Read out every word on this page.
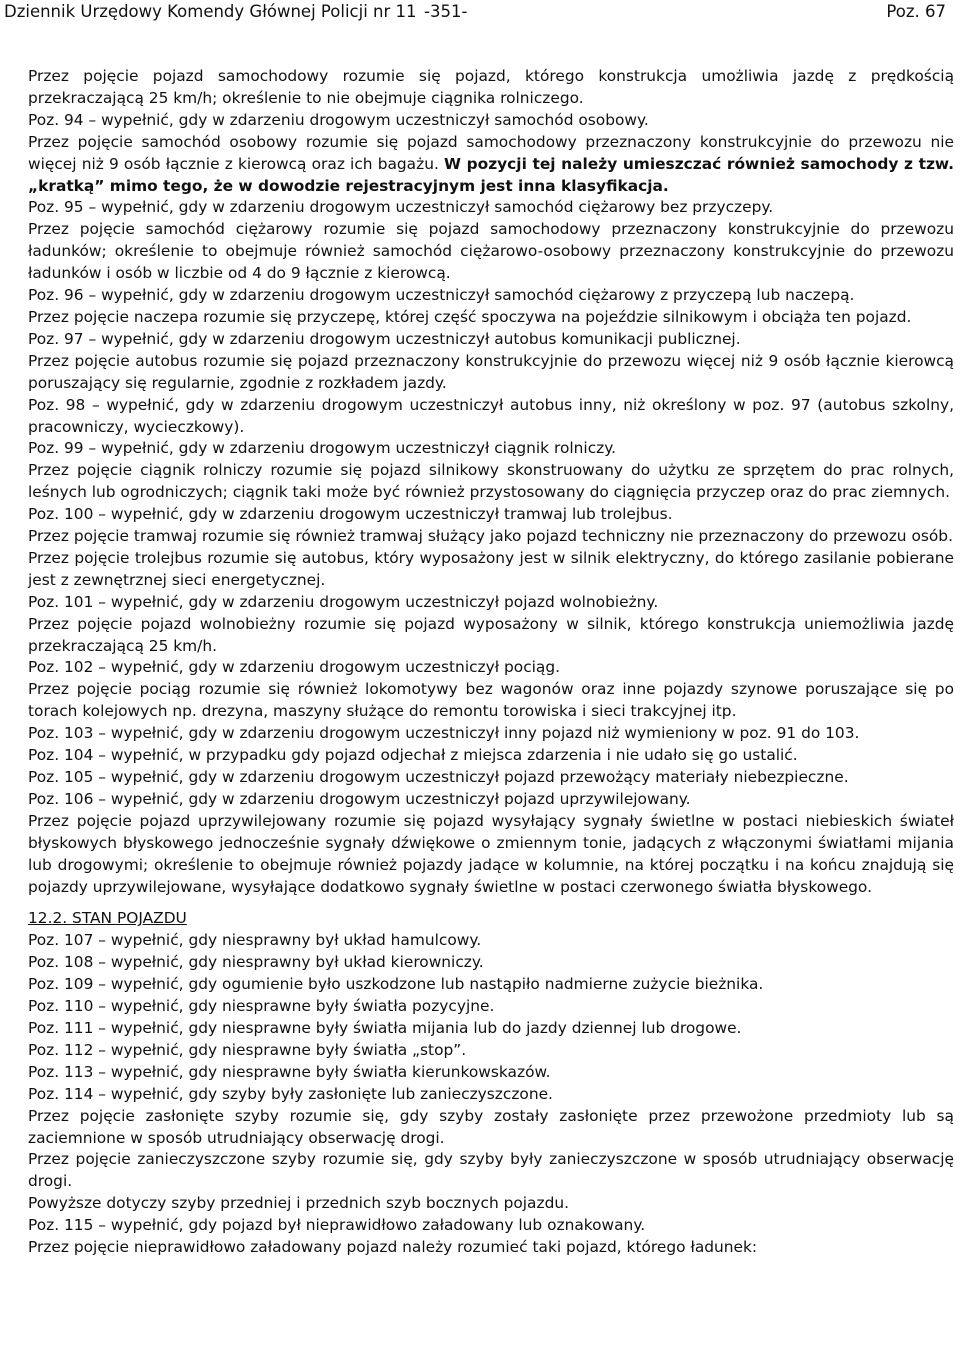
Dziennik Urzędowy Komendy Głównej Policji nr 11 -351-	Poz. 67

Przez pojęcie pojazd samochodowy rozumie się pojazd, którego konstrukcja umożliwia jazdę z prędkością przekraczającą 25 km/h; określenie to nie obejmuje ciągnika rolniczego.

Poz. 94 – wypełnić, gdy w zdarzeniu drogowym uczestniczył samochód osobowy.

Przez pojęcie samochód osobowy rozumie się pojazd samochodowy przeznaczony konstrukcyjnie do przewozu nie więcej niż 9 osób łącznie z kierowcą oraz ich bagażu. W pozycji tej należy umieszczać również samochody z tzw. „kratką” mimo tego, że w dowodzie rejestracyjnym jest inna klasyfikacja.

Poz. 95 – wypełnić, gdy w zdarzeniu drogowym uczestniczył samochód ciężarowy bez przyczepy.

Przez pojęcie samochód ciężarowy rozumie się pojazd samochodowy przeznaczony konstrukcyjnie do przewozu ładunków; określenie to obejmuje również samochód ciężarowo-osobowy przeznaczony konstrukcyjnie do przewozu ładunków i osób w liczbie od 4 do 9 łącznie z kierowcą.

Poz. 96 – wypełnić, gdy w zdarzeniu drogowym uczestniczył samochód ciężarowy z przyczepą lub naczepą.

Przez pojęcie naczepa rozumie się przyczepę, której część spoczywa na pojeździe silnikowym i obciąża ten pojazd.

Poz. 97 – wypełnić, gdy w zdarzeniu drogowym uczestniczył autobus komunikacji publicznej.

Przez pojęcie autobus rozumie się pojazd przeznaczony konstrukcyjnie do przewozu więcej niż 9 osób łącznie kierowcą poruszający się regularnie, zgodnie z rozkładem jazdy.

Poz. 98 – wypełnić, gdy w zdarzeniu drogowym uczestniczył autobus inny, niż określony w poz. 97 (autobus szkolny, pracowniczy, wycieczkowy).

Poz. 99 – wypełnić, gdy w zdarzeniu drogowym uczestniczył ciągnik rolniczy.

Przez pojęcie ciągnik rolniczy rozumie się pojazd silnikowy skonstruowany do użytku ze sprzętem do prac rolnych, leśnych lub ogrodniczych; ciągnik taki może być również przystosowany do ciągnięcia przyczep oraz do prac ziemnych.

Poz. 100 – wypełnić, gdy w zdarzeniu drogowym uczestniczył tramwaj lub trolejbus.

Przez pojęcie tramwaj rozumie się również tramwaj służący jako pojazd techniczny nie przeznaczony do przewozu osób.

Przez pojęcie trolejbus rozumie się autobus, który wyposażony jest w silnik elektryczny, do którego zasilanie pobierane jest z zewnętrznej sieci energetycznej.

Poz. 101 – wypełnić, gdy w zdarzeniu drogowym uczestniczył pojazd wolnobieżny.

Przez pojęcie pojazd wolnobieżny rozumie się pojazd wyposażony w silnik, którego konstrukcja uniemożliwia jazdę przekraczającą 25 km/h.

Poz. 102 – wypełnić, gdy w zdarzeniu drogowym uczestniczył pociąg.

Przez pojęcie pociąg rozumie się również lokomotywy bez wagonów oraz inne pojazdy szynowe poruszające się po torach kolejowych np. drezyna, maszyny służące do remontu torowiska i sieci trakcyjnej itp.

Poz. 103 – wypełnić, gdy w zdarzeniu drogowym uczestniczył inny pojazd niż wymieniony w poz. 91 do 103.

Poz. 104 – wypełnić, w przypadku gdy pojazd odjechał z miejsca zdarzenia i nie udało się go ustalić.

Poz. 105 – wypełnić, gdy w zdarzeniu drogowym uczestniczył pojazd przewożący materiały niebezpieczne.

Poz. 106 – wypełnić, gdy w zdarzeniu drogowym uczestniczył pojazd uprzywilejowany.

Przez pojęcie pojazd uprzywilejowany rozumie się pojazd wysyłający sygnały świetlne w postaci niebieskich świateł błyskowych błyskowego jednocześnie sygnały dźwiękowe o zmiennym tonie, jadących z włączonymi światłami mijania lub drogowymi; określenie to obejmuje również pojazdy jadące w kolumnie, na której początku i na końcu znajdują się pojazdy uprzywilejowane, wysyłające dodatkowo sygnały świetlne w postaci czerwonego światła błyskowego.

12.2. STAN POJAZDU

Poz. 107 – wypełnić, gdy niesprawny był układ hamulcowy.

Poz. 108 – wypełnić, gdy niesprawny był układ kierowniczy.

Poz. 109 – wypełnić, gdy ogumienie było uszkodzone lub nastąpiło nadmierne zużycie bieżnika.

Poz. 110 – wypełnić, gdy niesprawne były światła pozycyjne.

Poz. 111 – wypełnić, gdy niesprawne były światła mijania lub do jazdy dziennej lub drogowe.

Poz. 112 – wypełnić, gdy niesprawne były światła „stop”.

Poz. 113 – wypełnić, gdy niesprawne były światła kierunkowskazów.

Poz. 114 – wypełnić, gdy szyby były zasłonięte lub zanieczyszczone.

Przez pojęcie zasłonięte szyby rozumie się, gdy szyby zostały zasłonięte przez przewożone przedmioty lub są zaciemnione w sposób utrudniający obserwację drogi.

Przez pojęcie zanieczyszczone szyby rozumie się, gdy szyby były zanieczyszczone w sposób utrudniający obserwację drogi.

Powyższe dotyczy szyby przedniej i przednich szyb bocznych pojazdu.

Poz. 115 – wypełnić, gdy pojazd był nieprawidłowo załadowany lub oznakowany.

Przez pojęcie nieprawidłowo załadowany pojazd należy rozumieć taki pojazd, którego ładunek:
